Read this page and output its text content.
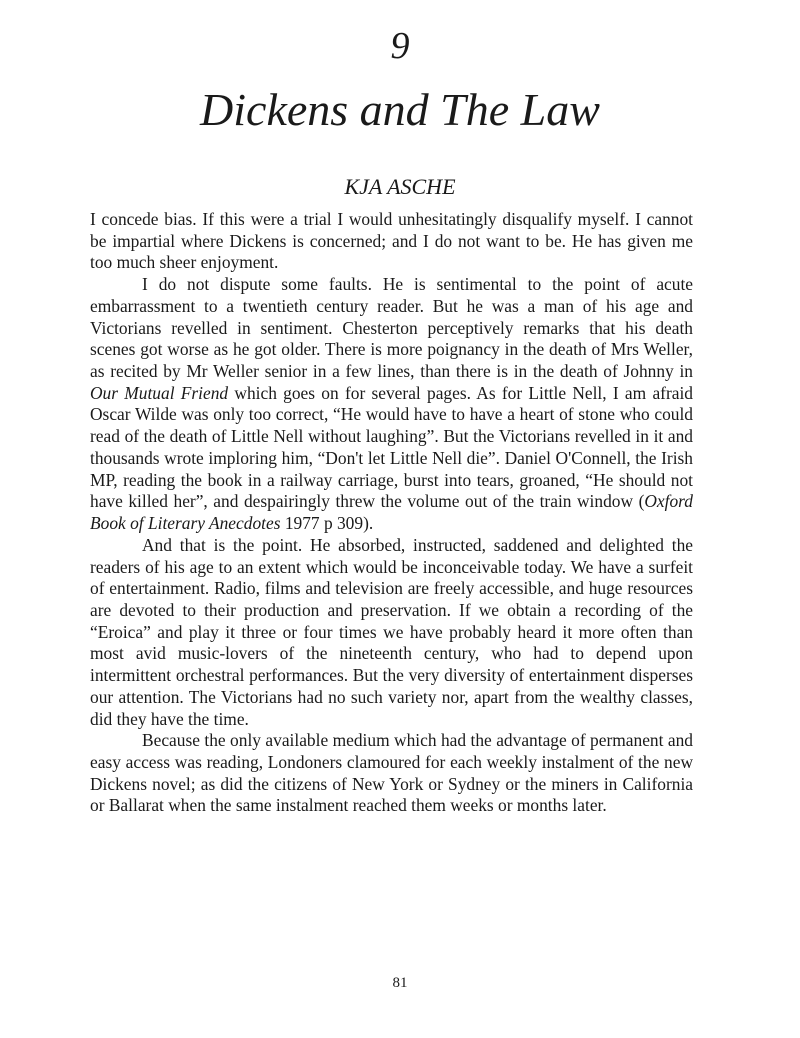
9
Dickens and The Law
KJA ASCHE

I concede bias. If this were a trial I would unhesitatingly disqualify myself. I cannot be impartial where Dickens is concerned; and I do not want to be. He has given me too much sheer enjoyment.

I do not dispute some faults. He is sentimental to the point of acute embarrassment to a twentieth century reader. But he was a man of his age and Victorians revelled in sentiment. Chesterton perceptively remarks that his death scenes got worse as he got older. There is more poignancy in the death of Mrs Weller, as recited by Mr Weller senior in a few lines, than there is in the death of Johnny in Our Mutual Friend which goes on for several pages. As for Little Nell, I am afraid Oscar Wilde was only too correct, “He would have to have a heart of stone who could read of the death of Little Nell without laughing”. But the Victorians revelled in it and thousands wrote imploring him, “Don't let Little Nell die”. Daniel O'Connell, the Irish MP, reading the book in a railway carriage, burst into tears, groaned, “He should not have killed her”, and despairingly threw the volume out of the train window (Oxford Book of Literary Anecdotes 1977 p 309).

And that is the point. He absorbed, instructed, saddened and delighted the readers of his age to an extent which would be inconceivable today. We have a surfeit of entertainment. Radio, films and television are freely accessible, and huge resources are devoted to their production and preservation. If we obtain a recording of the “Eroica” and play it three or four times we have probably heard it more often than most avid music-lovers of the nineteenth century, who had to depend upon intermittent orchestral performances. But the very diversity of entertainment disperses our attention. The Victorians had no such variety nor, apart from the wealthy classes, did they have the time.

Because the only available medium which had the advantage of permanent and easy access was reading, Londoners clamoured for each weekly instalment of the new Dickens novel; as did the citizens of New York or Sydney or the miners in California or Ballarat when the same instalment reached them weeks or months later.

81
